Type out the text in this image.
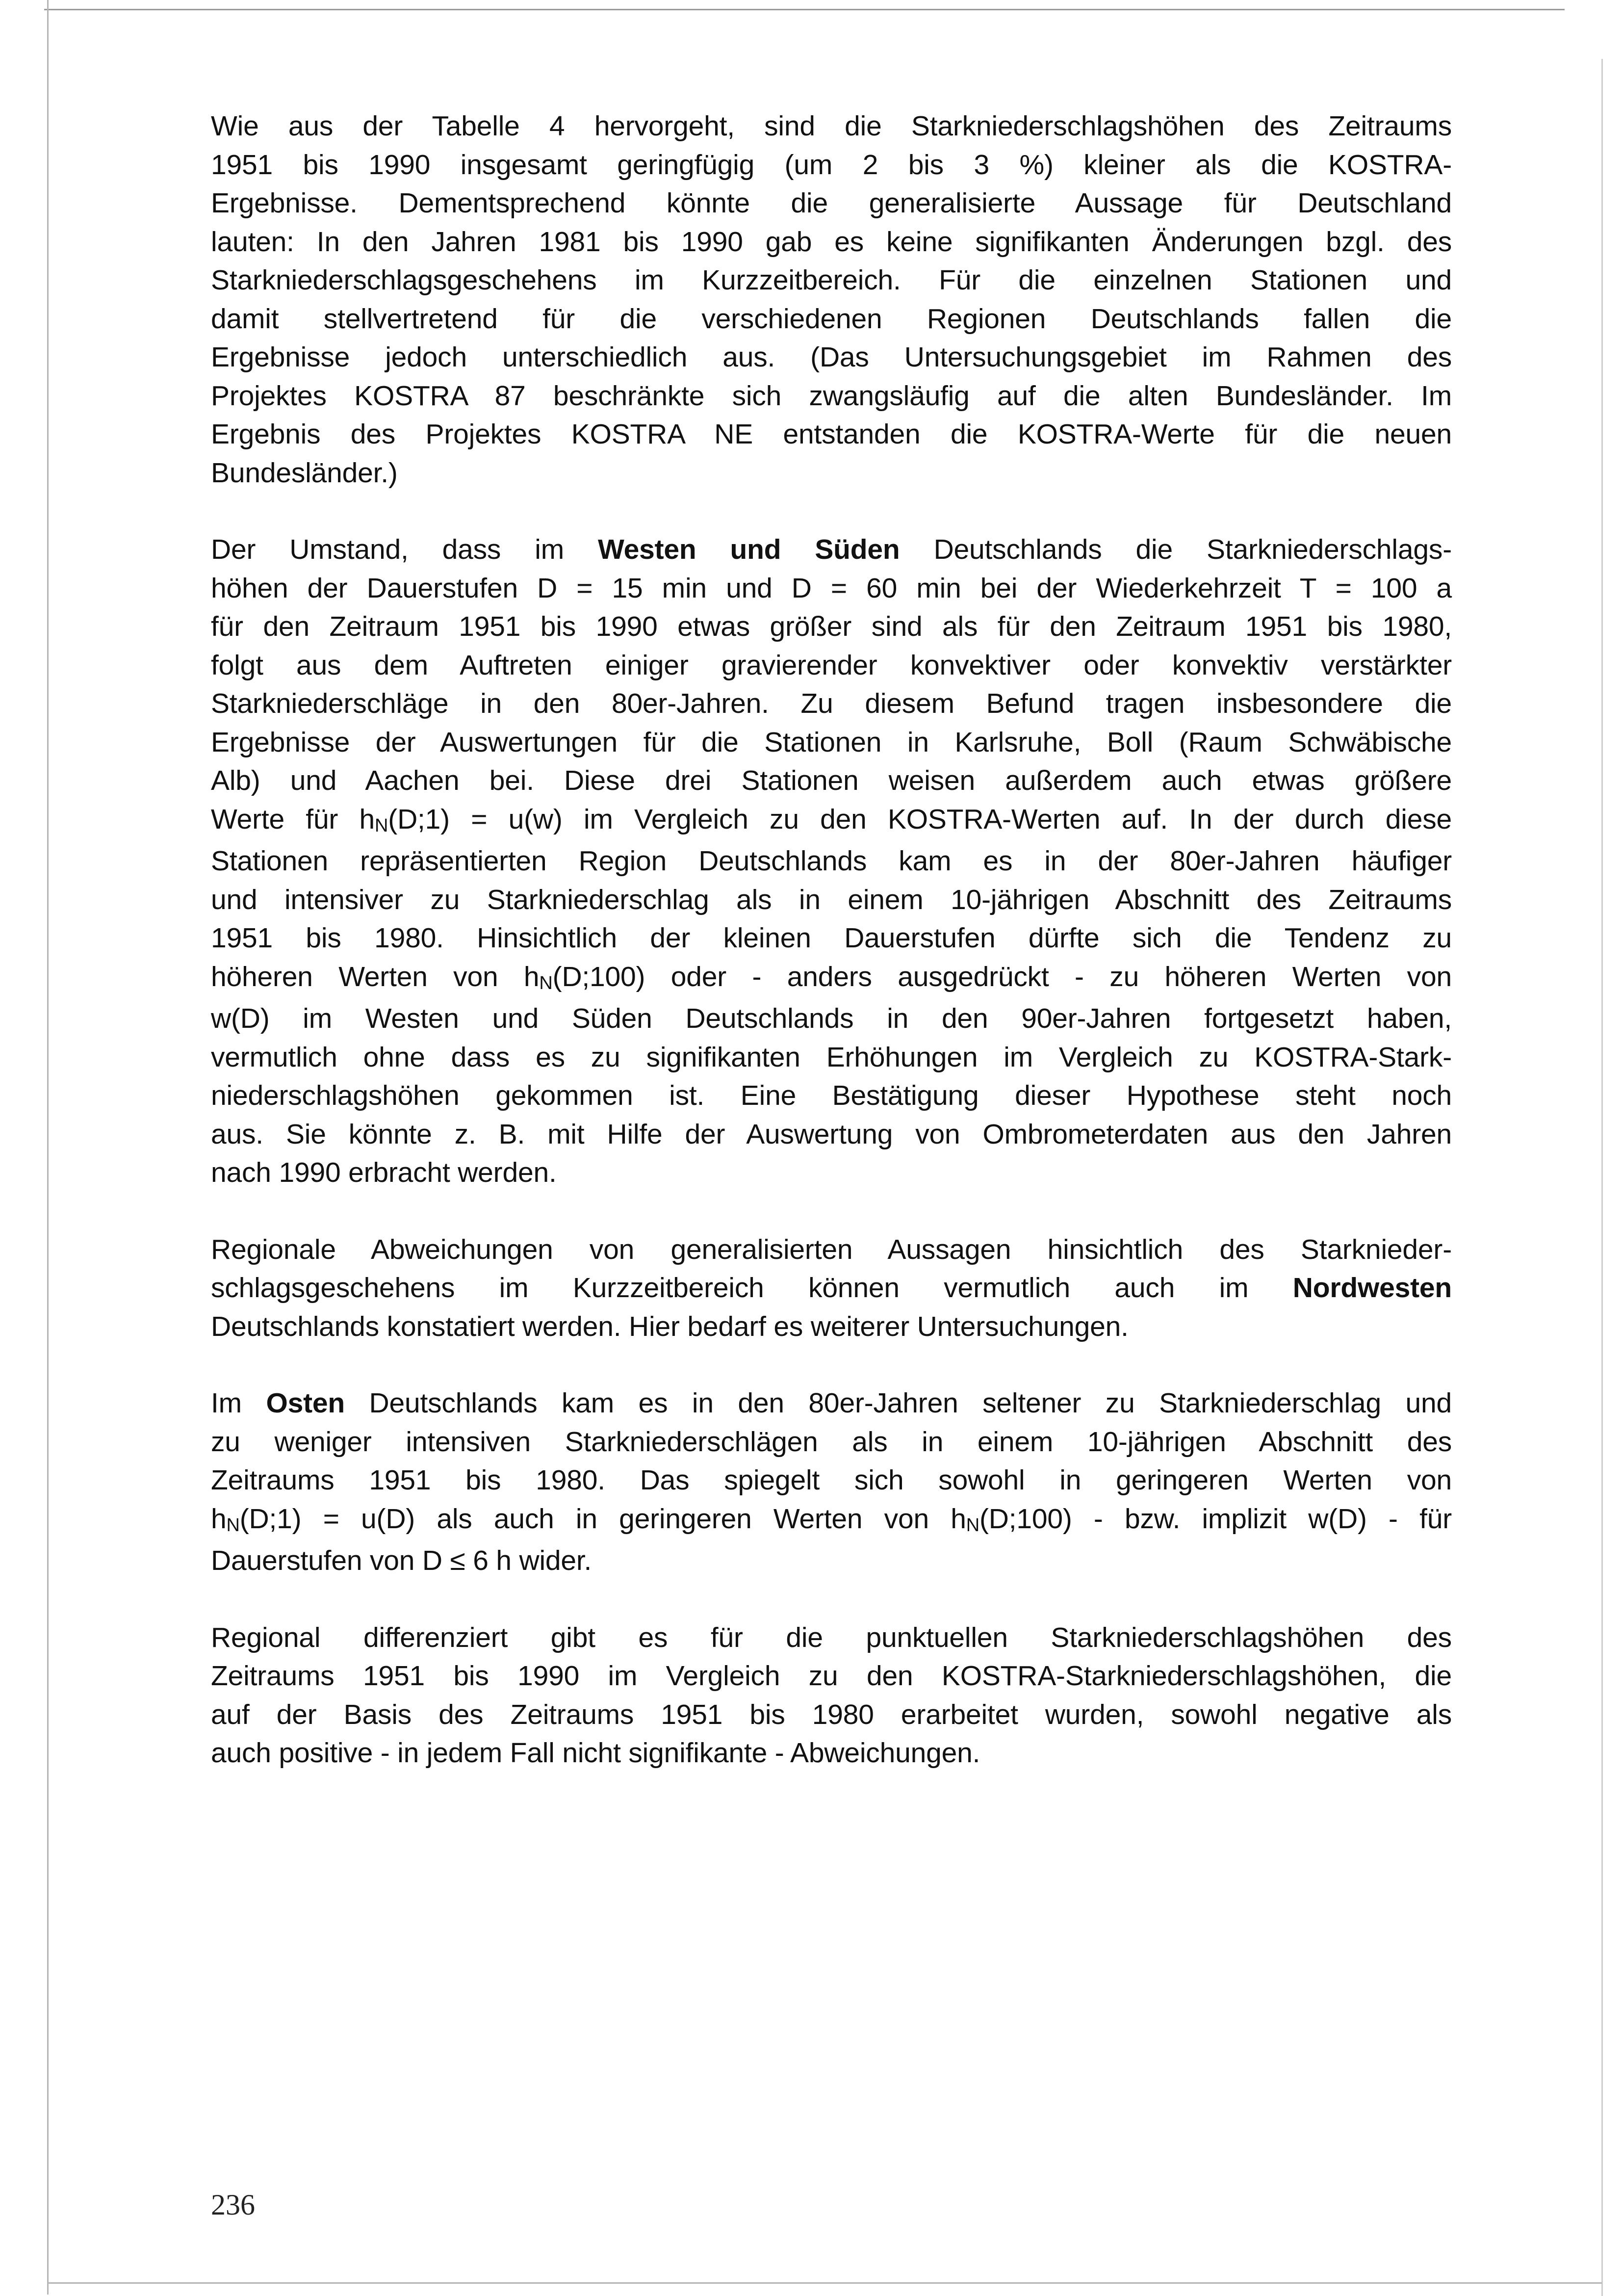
Wie aus der Tabelle 4 hervorgeht, sind die Starkniederschlagshöhen des Zeitraums
1951 bis 1990 insgesamt geringfügig (um 2 bis 3 %) kleiner als die KOSTRA-
Ergebnisse. Dementsprechend könnte die generalisierte Aussage für Deutschland
lauten: In den Jahren 1981 bis 1990 gab es keine signifikanten Änderungen bzgl. des
Starkniederschlagsgeschehens im Kurzzeitbereich. Für die einzelnen Stationen und
damit stellvertretend für die verschiedenen Regionen Deutschlands fallen die
Ergebnisse jedoch unterschiedlich aus. (Das Untersuchungsgebiet im Rahmen des
Projektes KOSTRA 87 beschränkte sich zwangsläufig auf die alten Bundesländer. Im
Ergebnis des Projektes KOSTRA NE entstanden die KOSTRA-Werte für die neuen
Bundesländer.)
Der Umstand, dass im Westen und Süden Deutschlands die Starkniederschlags-
höhen der Dauerstufen D = 15 min und D = 60 min bei der Wiederkehrzeit T = 100 a
für den Zeitraum 1951 bis 1990 etwas größer sind als für den Zeitraum 1951 bis 1980,
folgt aus dem Auftreten einiger gravierender konvektiver oder konvektiv verstärkter
Starkniederschläge in den 80er-Jahren. Zu diesem Befund tragen insbesondere die
Ergebnisse der Auswertungen für die Stationen in Karlsruhe, Boll (Raum Schwäbische
Alb) und Aachen bei. Diese drei Stationen weisen außerdem auch etwas größere
Werte für $h_N(D;1) = u(w)$ im Vergleich zu den KOSTRA-Werten auf. In der durch diese
Stationen repräsentierten Region Deutschlands kam es in der 80er-Jahren häufiger
und intensiver zu Starkniederschlag als in einem 10-jährigen Abschnitt des Zeitraums
1951 bis 1980. Hinsichtlich der kleinen Dauerstufen dürfte sich die Tendenz zu
höheren Werten von $h_N(D;100)$ oder - anders ausgedrückt - zu höheren Werten von
w(D) im Westen und Süden Deutschlands in den 90er-Jahren fortgesetzt haben,
vermutlich ohne dass es zu signifikanten Erhöhungen im Vergleich zu KOSTRA-Stark-
niederschlagshöhen gekommen ist. Eine Bestätigung dieser Hypothese steht noch
aus. Sie könnte z. B. mit Hilfe der Auswertung von Ombrometerdaten aus den Jahren
nach 1990 erbracht werden.
Regionale Abweichungen von generalisierten Aussagen hinsichtlich des Starknieder-
schlagsgeschehens im Kurzzeitbereich können vermutlich auch im Nordwesten
Deutschlands konstatiert werden. Hier bedarf es weiterer Untersuchungen.
Im Osten Deutschlands kam es in den 80er-Jahren seltener zu Starkniederschlag und
zu weniger intensiven Starkniederschlägen als in einem 10-jährigen Abschnitt des
Zeitraums 1951 bis 1980. Das spiegelt sich sowohl in geringeren Werten von
$h_N(D;1) = u(D)$ als auch in geringeren Werten von $h_N(D;100)$ - bzw. implizit w(D) - für
Dauerstufen von D ≤ 6 h wider.
Regional differenziert gibt es für die punktuellen Starkniederschlagshöhen des
Zeitraums 1951 bis 1990 im Vergleich zu den KOSTRA-Starkniederschlagshöhen, die
auf der Basis des Zeitraums 1951 bis 1980 erarbeitet wurden, sowohl negative als
auch positive - in jedem Fall nicht signifikante - Abweichungen.
236
